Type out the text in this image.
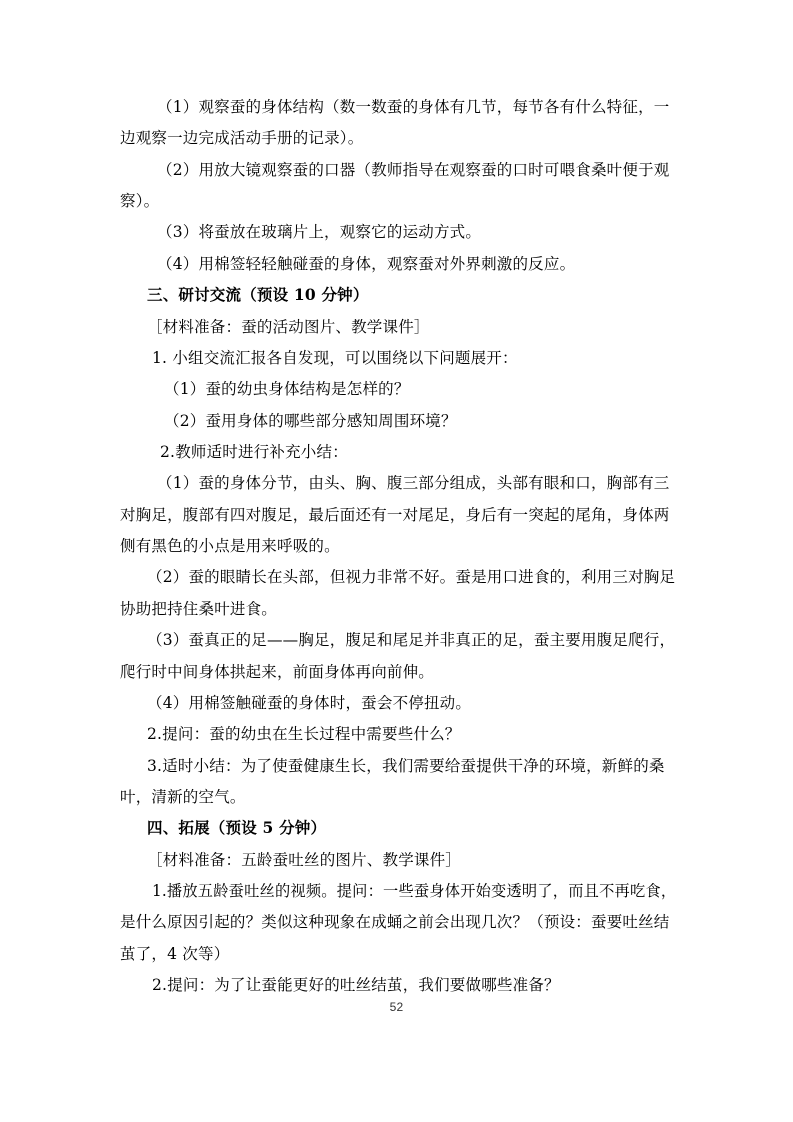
（1）观察蚕的身体结构（数一数蚕的身体有几节，每节各有什么特征，一
边观察一边完成活动手册的记录）。
（2）用放大镜观察蚕的口器（教师指导在观察蚕的口时可喂食桑叶便于观
察）。
（3）将蚕放在玻璃片上，观察它的运动方式。
（4）用棉签轻轻触碰蚕的身体，观察蚕对外界刺激的反应。
三、研讨交流（预设 10 分钟）
［材料准备：蚕的活动图片、教学课件］
1. 小组交流汇报各自发现，可以围绕以下问题展开：
（1）蚕的幼虫身体结构是怎样的？
（2）蚕用身体的哪些部分感知周围环境？
2.教师适时进行补充小结：
（1）蚕的身体分节，由头、胸、腹三部分组成，头部有眼和口，胸部有三
对胸足，腹部有四对腹足，最后面还有一对尾足，身后有一突起的尾角，身体两
侧有黑色的小点是用来呼吸的。
（2）蚕的眼睛长在头部，但视力非常不好。蚕是用口进食的，利用三对胸足
协助把持住桑叶进食。
（3）蚕真正的足——胸足，腹足和尾足并非真正的足，蚕主要用腹足爬行，
爬行时中间身体拱起来，前面身体再向前伸。
（4）用棉签触碰蚕的身体时，蚕会不停扭动。
2.提问：蚕的幼虫在生长过程中需要些什么？
3.适时小结：为了使蚕健康生长，我们需要给蚕提供干净的环境，新鲜的桑
叶，清新的空气。
四、拓展（预设 5 分钟）
［材料准备：五龄蚕吐丝的图片、教学课件］
1.播放五龄蚕吐丝的视频。提问：一些蚕身体开始变透明了，而且不再吃食，
是什么原因引起的？类似这种现象在成蛹之前会出现几次？（预设：蚕要吐丝结
茧了，4 次等）
2.提问：为了让蚕能更好的吐丝结茧，我们要做哪些准备？
52
